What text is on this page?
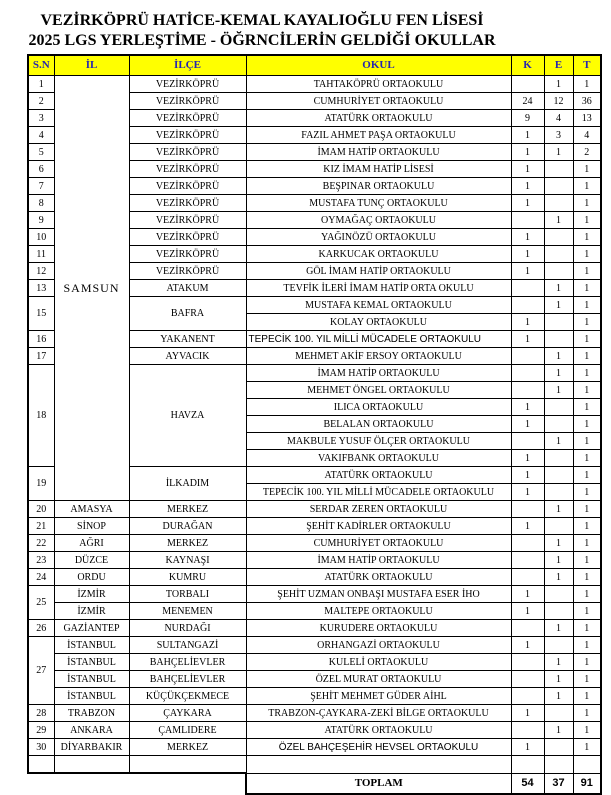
VEZİRKÖPRÜ HATİCE-KEMAL KAYALIOĞLU FEN LİSESİ
2025 LGS YERLEŞTİME - ÖĞRNCİLERİN GELDİĞİ OKULLAR
S.N	İL	İLÇE	OKUL	K	E	T
1	SAMSUN	VEZİRKÖPRÜ	TAHTAKÖPRÜ ORTAOKULU		1	1
2		VEZİRKÖPRÜ	CUMHURİYET ORTAOKULU	24	12	36
3		VEZİRKÖPRÜ	ATATÜRK ORTAOKULU	9	4	13
4		VEZİRKÖPRÜ	FAZIL AHMET PAŞA ORTAOKULU	1	3	4
5		VEZİRKÖPRÜ	İMAM HATİP ORTAOKULU	1	1	2
6		VEZİRKÖPRÜ	KIZ İMAM HATİP LİSESİ	1		1
7		VEZİRKÖPRÜ	BEŞPINAR ORTAOKULU	1		1
8		VEZİRKÖPRÜ	MUSTAFA TUNÇ ORTAOKULU	1		1
9		VEZİRKÖPRÜ	OYMAĞAÇ ORTAOKULU		1	1
10		VEZİRKÖPRÜ	YAĞINÖZÜ ORTAOKULU	1		1
11		VEZİRKÖPRÜ	KARKUCAK ORTAOKULU	1		1
12		VEZİRKÖPRÜ	GÖL İMAM HATİP ORTAOKULU	1		1
13		ATAKUM	TEVFİK İLERİ İMAM HATİP ORTA OKULU		1	1
15		BAFRA	MUSTAFA KEMAL ORTAOKULU		1	1
			KOLAY ORTAOKULU	1		1
16		YAKANENT	TEPECİK 100. YIL MİLLİ MÜCADELE ORTAOKULU	1		1
17		AYVACIK	MEHMET AKİF ERSOY ORTAOKULU		1	1
18		HAVZA	İMAM HATİP ORTAOKULU		1	1
			MEHMET ÖNGEL ORTAOKULU		1	1
			ILICA ORTAOKULU	1		1
			BELALAN ORTAOKULU	1		1
			MAKBULE YUSUF ÖLÇER ORTAOKULU		1	1
			VAKIFBANK ORTAOKULU	1		1
19		İLKADIM	ATATÜRK ORTAOKULU	1		1
			TEPECİK 100. YIL MİLLİ MÜCADELE ORTAOKULU	1		1
20	AMASYA	MERKEZ	SERDAR ZEREN ORTAOKULU		1	1
21	SİNOP	DURAĞAN	ŞEHİT KADİRLER ORTAOKULU	1		1
22	AĞRI	MERKEZ	CUMHURİYET ORTAOKULU		1	1
23	DÜZCE	KAYNAŞI	İMAM HATİP ORTAOKULU		1	1
24	ORDU	KUMRU	ATATÜRK ORTAOKULU		1	1
25	İZMİR	TORBALI	ŞEHİT UZMAN ONBAŞI MUSTAFA ESER İHO	1		1
	İZMİR	MENEMEN	MALTEPE ORTAOKULU	1		1
26	GAZİANTEP	NURDAĞI	KURUDERE ORTAOKULU		1	1
27	İSTANBUL	SULTANGAZİ	ORHANGAZİ ORTAOKULU	1		1
	İSTANBUL	BAHÇELİEVLER	KULELİ ORTAOKULU		1	1
	İSTANBUL	BAHÇELİEVLER	ÖZEL MURAT ORTAOKULU		1	1
	İSTANBUL	KÜÇÜKÇEKMECE	ŞEHİT MEHMET GÜDER AİHL		1	1
28	TRABZON	ÇAYKARA	TRABZON-ÇAYKARA-ZEKİ BİLGE ORTAOKULU	1		1
29	ANKARA	ÇAMLIDERE	ATATÜRK ORTAOKULU		1	1
30	DİYARBAKIR	MERKEZ	ÖZEL BAHÇEŞEHİR HEVSEL ORTAOKULU	1		1

			TOPLAM	54	37	91
